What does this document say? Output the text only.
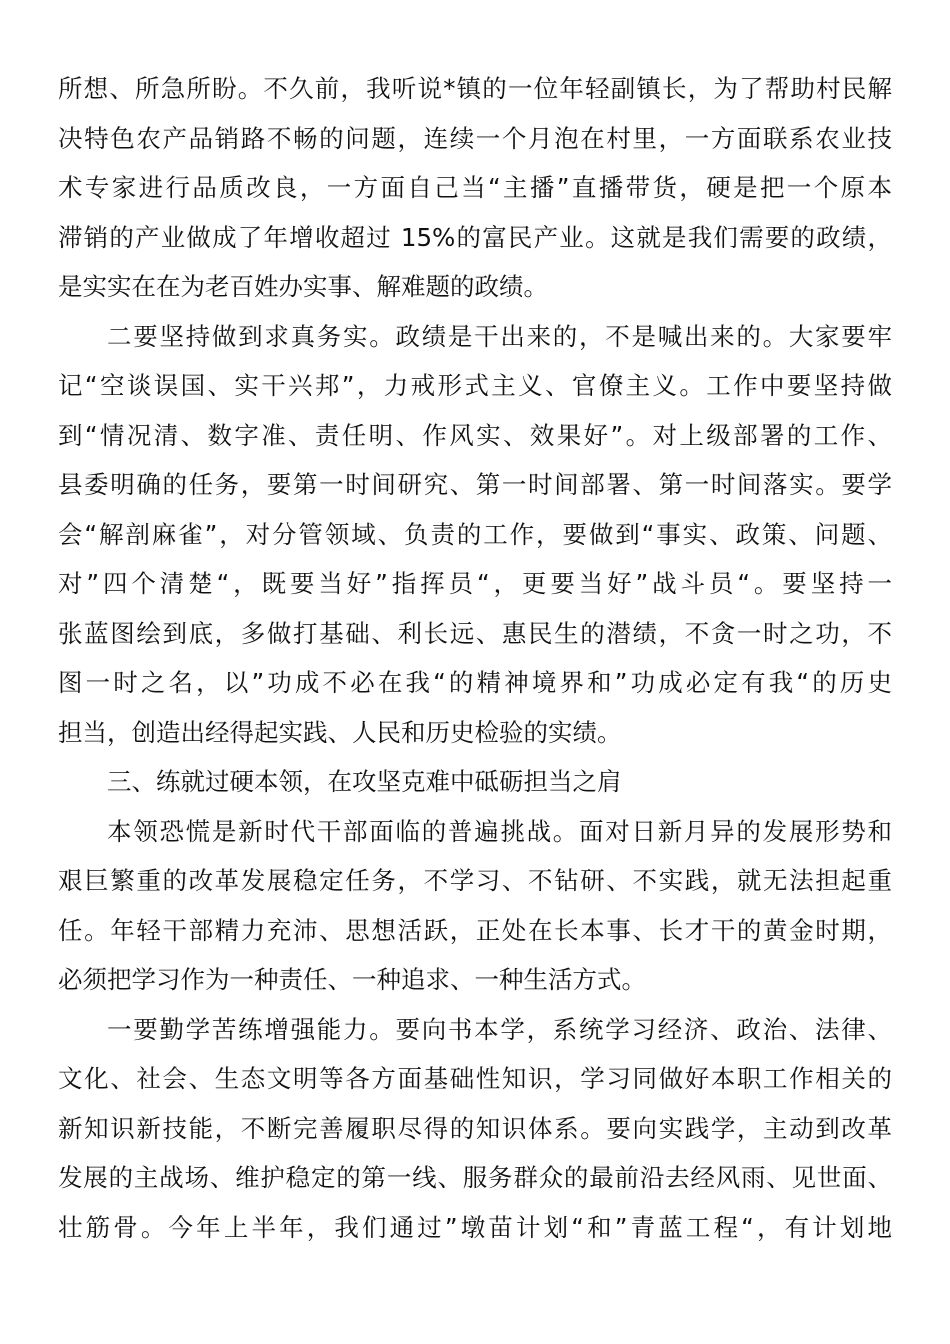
所想、所急所盼。不久前，我听说*镇的一位年轻副镇长，为了帮助村民解
决特色农产品销路不畅的问题，连续一个月泡在村里，一方面联系农业技
术专家进行品质改良，一方面自己当“主播”直播带货，硬是把一个原本
滞销的产业做成了年增收超过 15%的富民产业。这就是我们需要的政绩，
是实实在在为老百姓办实事、解难题的政绩。
二要坚持做到求真务实。政绩是干出来的，不是喊出来的。大家要牢
记“空谈误国、实干兴邦”，力戒形式主义、官僚主义。工作中要坚持做
到“情况清、数字准、责任明、作风实、效果好”。对上级部署的工作、
县委明确的任务，要第一时间研究、第一时间部署、第一时间落实。要学
会“解剖麻雀”，对分管领域、负责的工作，要做到“事实、政策、问题、
对”四个清楚“，既要当好”指挥员“，更要当好”战斗员“。要坚持一
张蓝图绘到底，多做打基础、利长远、惠民生的潜绩，不贪一时之功，不
图一时之名，以”功成不必在我“的精神境界和”功成必定有我“的历史
担当，创造出经得起实践、人民和历史检验的实绩。
三、练就过硬本领，在攻坚克难中砥砺担当之肩
本领恐慌是新时代干部面临的普遍挑战。面对日新月异的发展形势和
艰巨繁重的改革发展稳定任务，不学习、不钻研、不实践，就无法担起重
任。年轻干部精力充沛、思想活跃，正处在长本事、长才干的黄金时期，
必须把学习作为一种责任、一种追求、一种生活方式。
一要勤学苦练增强能力。要向书本学，系统学习经济、政治、法律、
文化、社会、生态文明等各方面基础性知识，学习同做好本职工作相关的
新知识新技能，不断完善履职尽得的知识体系。要向实践学，主动到改革
发展的主战场、维护稳定的第一线、服务群众的最前沿去经风雨、见世面、
壮筋骨。今年上半年，我们通过”墩苗计划“和”青蓝工程“，有计划地
